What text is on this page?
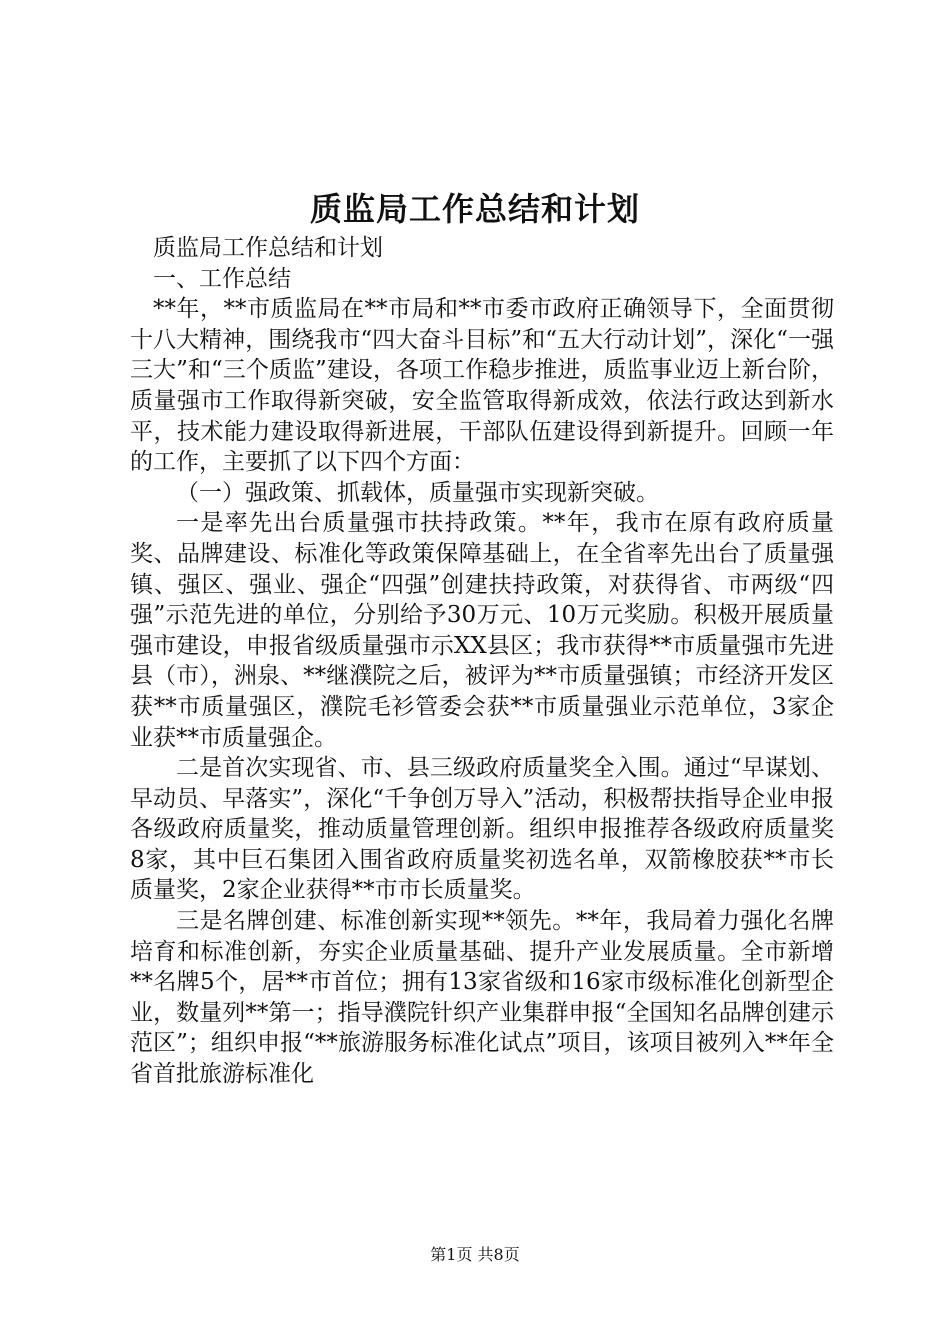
质监局工作总结和计划

质监局工作总结和计划

一、工作总结

**年，**市质监局在**市局和**市委市政府正确领导下，全面贯彻十八大精神，围绕我市“四大奋斗目标”和“五大行动计划”，深化“一强三大”和“三个质监”建设，各项工作稳步推进，质监事业迈上新台阶，质量强市工作取得新突破，安全监管取得新成效，依法行政达到新水平，技术能力建设取得新进展，干部队伍建设得到新提升。回顾一年的工作，主要抓了以下四个方面：

（一）强政策、抓载体，质量强市实现新突破。

一是率先出台质量强市扶持政策。**年，我市在原有政府质量奖、品牌建设、标准化等政策保障基础上，在全省率先出台了质量强镇、强区、强业、强企“四强”创建扶持政策，对获得省、市两级“四强”示范先进的单位，分别给予30万元、10万元奖励。积极开展质量强市建设，申报省级质量强市示XX县区；我市获得**市质量强市先进县（市），洲泉、**继濮院之后，被评为**市质量强镇；市经济开发区获**市质量强区，濮院毛衫管委会获**市质量强业示范单位，3家企业获**市质量强企。

二是首次实现省、市、县三级政府质量奖全入围。通过“早谋划、早动员、早落实”，深化“千争创万导入”活动，积极帮扶指导企业申报各级政府质量奖，推动质量管理创新。组织申报推荐各级政府质量奖8家，其中巨石集团入围省政府质量奖初选名单，双箭橡胶获**市长质量奖，2家企业获得**市市长质量奖。

三是名牌创建、标准创新实现**领先。**年，我局着力强化名牌培育和标准创新，夯实企业质量基础、提升产业发展质量。全市新增**名牌5个，居**市首位；拥有13家省级和16家市级标准化创新型企业，数量列**第一；指导濮院针织产业集群申报“全国知名品牌创建示范区”；组织申报“**旅游服务标准化试点”项目，该项目被列入**年全省首批旅游标准化

第1页 共8页
